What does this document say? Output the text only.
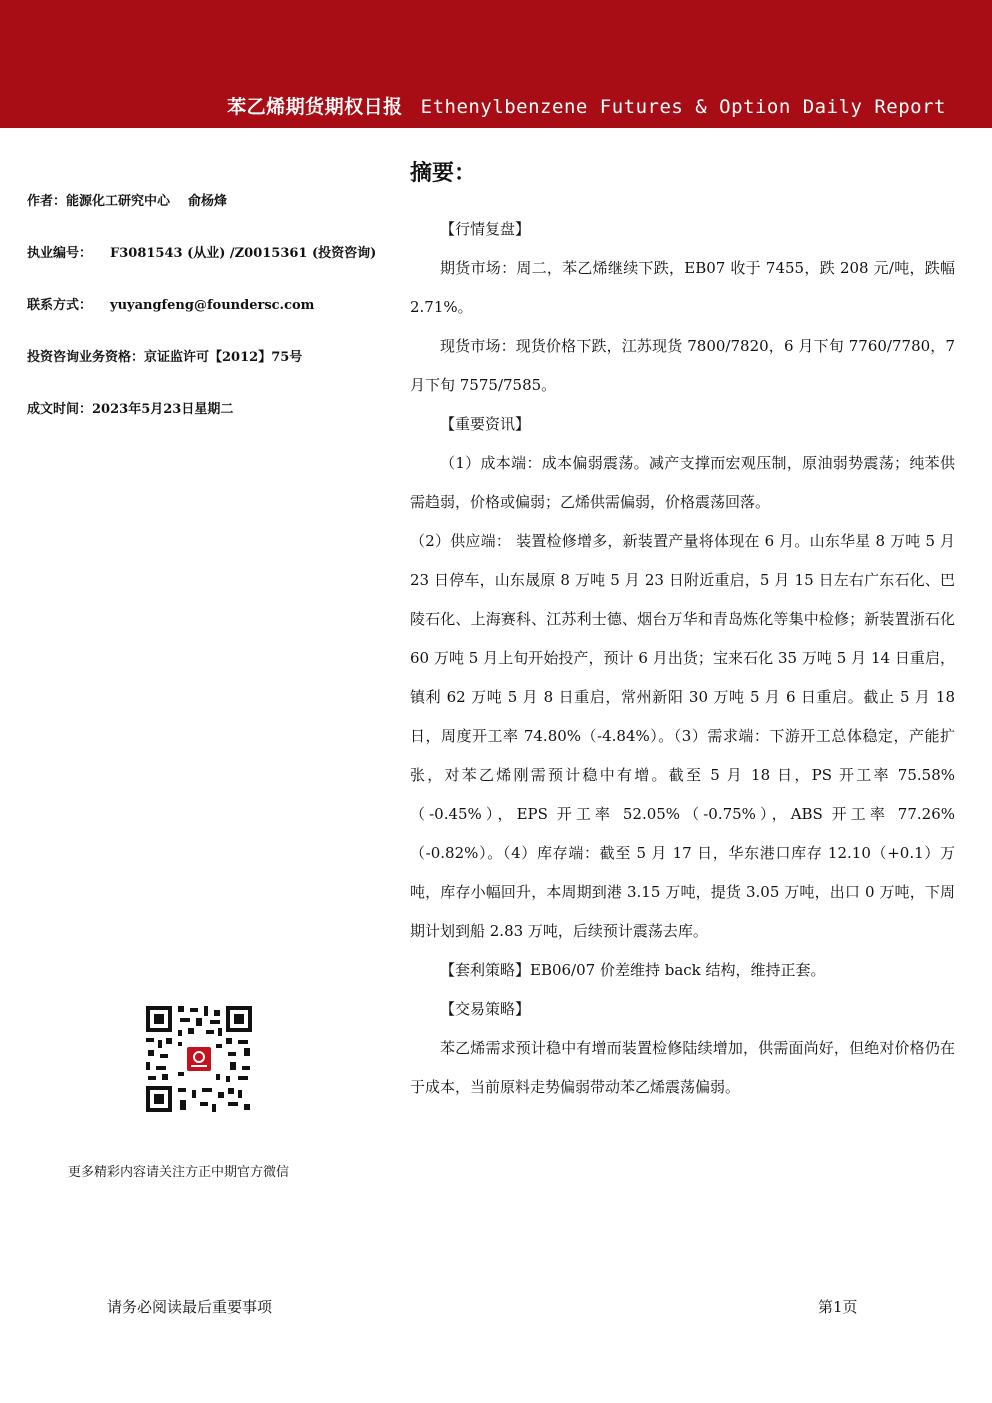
苯乙烯期货期权日报 Ethenylbenzene Futures & Option Daily Report
作者：能源化工研究中心 俞杨烽
执业编号： F3081543 (从业) /Z0015361 (投资咨询)
联系方式： yuyangfeng@foundersc.com
投资咨询业务资格：京证监许可【2012】75号
成文时间：2023年5月23日星期二
摘要：

【行情复盘】

期货市场：周二，苯乙烯继续下跌，EB07 收于 7455，跌 208 元/吨，跌幅 2.71%。

现货市场：现货价格下跌，江苏现货 7800/7820，6 月下旬 7760/7780，7 月下旬 7575/7585。

【重要资讯】

（1）成本端：成本偏弱震荡。减产支撑而宏观压制，原油弱势震荡；纯苯供需趋弱，价格或偏弱；乙烯供需偏弱，价格震荡回落。

（2）供应端： 装置检修增多，新装置产量将体现在 6 月。山东华星 8 万吨 5 月 23 日停车，山东晟原 8 万吨 5 月 23 日附近重启，5 月 15 日左右广东石化、巴陵石化、上海赛科、江苏利士德、烟台万华和青岛炼化等集中检修；新装置浙石化 60 万吨 5 月上旬开始投产，预计 6 月出货；宝来石化 35 万吨 5 月 14 日重启，镇利 62 万吨 5 月 8 日重启，常州新阳 30 万吨 5 月 6 日重启。截止 5 月 18 日，周度开工率 74.80%（-4.84%）。（3）需求端：下游开工总体稳定，产能扩张，对苯乙烯刚需预计稳中有增。截至 5 月 18 日，PS 开工率 75.58%（-0.45%），EPS 开工率 52.05%（-0.75%），ABS 开工率 77.26%（-0.82%）。（4）库存端：截至 5 月 17 日，华东港口库存 12.10（+0.1）万吨，库存小幅回升，本周期到港 3.15 万吨，提货 3.05 万吨，出口 0 万吨，下周期计划到船 2.83 万吨，后续预计震荡去库。

【套利策略】EB06/07 价差维持 back 结构，维持正套。

【交易策略】

苯乙烯需求预计稳中有增而装置检修陆续增加，供需面尚好，但绝对价格仍在于成本，当前原料走势偏弱带动苯乙烯震荡偏弱。

更多精彩内容请关注方正中期官方微信
请务必阅读最后重要事项	第1页
